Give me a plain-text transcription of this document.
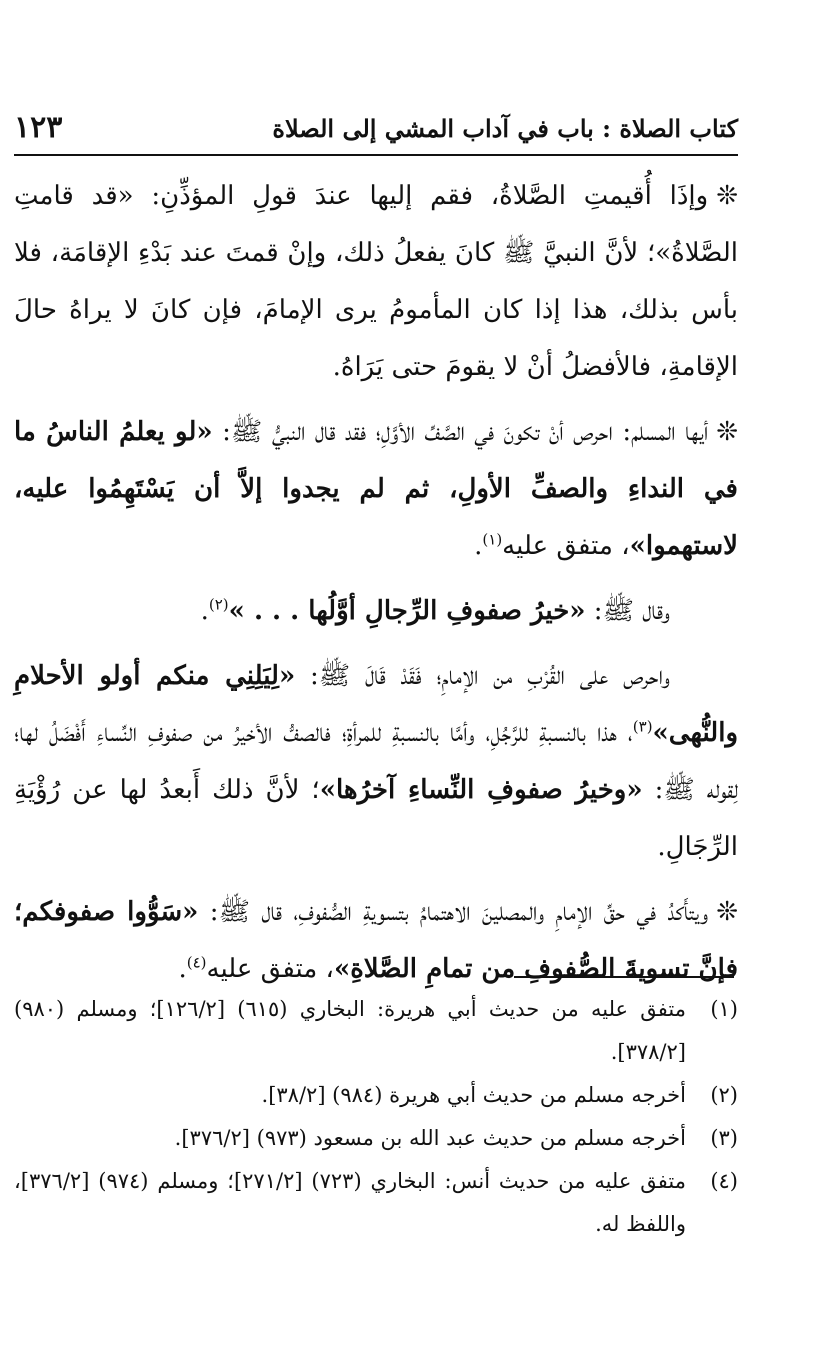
كتاب الصلاة : باب في آداب المشي إلى الصلاة
١٢٣

❊وإذَا أُقيمتِ الصَّلاةُ، فقم إليها عندَ قولِ المؤذِّنِ: «قد قامتِ الصَّلاةُ»؛ لأنَّ النبيَّ ﷺ كانَ يفعلُ ذلك، وإنْ قمتَ عند بَدْءِ الإقامَة، فلا بأس بذلك، هذا إذا كان المأمومُ يرى الإمامَ، فإن كانَ لا يراهُ حالَ الإقامةِ، فالأفضلُ أنْ لا يقومَ حتى يَرَاهُ.

❊أيها المسلم: احرص أنْ تكونَ في الصَّفِّ الأوَّلِ؛ فقد قال النبيُّ ﷺ: «لو يعلمُ الناسُ ما في النداءِ والصفِّ الأولِ، ثم لم يجدوا إلاَّ أن يَسْتَهِمُوا عليه، لاستهموا»، متفق عليه$^{(١)}$.

وقال ﷺ: «خيرُ صفوفِ الرِّجالِ أوَّلُها . . . »$^{(٢)}$.

واحرص على القُرْبِ من الإمامِ؛ فَقَدْ قَالَ ﷺ: «لِيَلِنِي منكم أولو الأحلامِ والنُّهى»$^{(٣)}$، هذا بالنسبةِ للرَّجُلِ، وأمَّا بالنسبةِ للمرأةِ؛ فالصفُّ الأخيرُ من صفوفِ النِّساءِ أَفْضَلُ لها؛ لِقوله ﷺ: «وخيرُ صفوفِ النِّساءِ آخرُها»؛ لأنَّ ذلك أَبعدُ لها عن رُؤْيَةِ الرِّجَالِ.

❊ويتأَكدُ في حقِّ الإمامِ والمصلينَ الاهتمامُ بتسويةِ الصُّفوفِ، قال ﷺ: «سَوُّوا صفوفكم؛ فإنَّ تسويةَ الصُّفوفِ من تمامِ الصَّلاةِ»، متفق عليه$^{(٤)}$.

(١)
متفق عليه من حديث أبي هريرة: البخاري (٦١٥) [١٢٦/٢]؛ ومسلم (٩٨٠) [٣٧٨/٢].
(٢)
أخرجه مسلم من حديث أبي هريرة (٩٨٤) [٣٨/٢].
(٣)
أخرجه مسلم من حديث عبد الله بن مسعود (٩٧٣) [٣٧٦/٢].
(٤)
متفق عليه من حديث أنس: البخاري (٧٢٣) [٢٧١/٢]؛ ومسلم (٩٧٤) [٣٧٦/٢]، واللفظ له.
